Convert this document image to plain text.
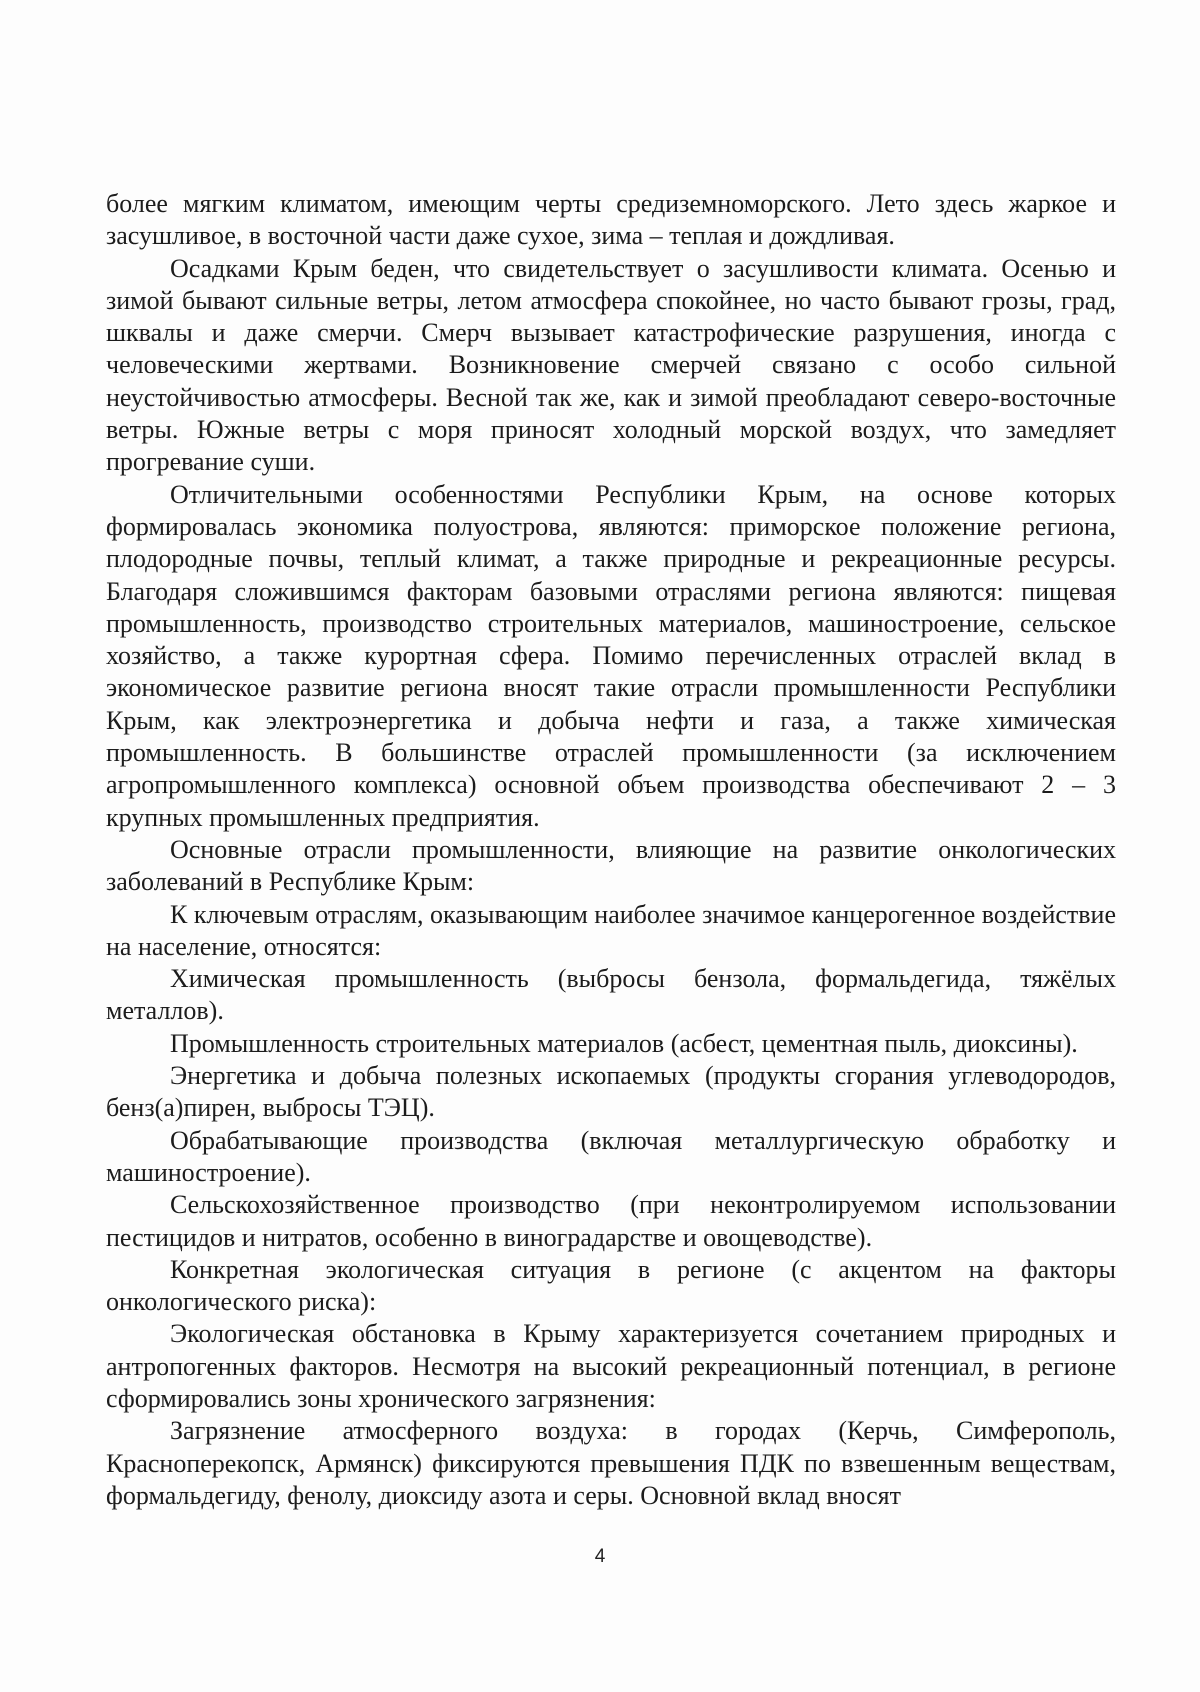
более мягким климатом, имеющим черты средиземноморского. Лето здесь жаркое и засушливое, в восточной части даже сухое, зима – теплая и дождливая.

Осадками Крым беден, что свидетельствует о засушливости климата. Осенью и зимой бывают сильные ветры, летом атмосфера спокойнее, но часто бывают грозы, град, шквалы и даже смерчи. Смерч вызывает катастрофические разрушения, иногда с человеческими жертвами. Возникновение смерчей связано с особо сильной неустойчивостью атмосферы. Весной так же, как и зимой преобладают северо-восточные ветры. Южные ветры с моря приносят холодный морской воздух, что замедляет прогревание суши.

Отличительными особенностями Республики Крым, на основе которых формировалась экономика полуострова, являются: приморское положение региона, плодородные почвы, теплый климат, а также природные и рекреационные ресурсы. Благодаря сложившимся факторам базовыми отраслями региона являются: пищевая промышленность, производство строительных материалов, машиностроение, сельское хозяйство, а также курортная сфера. Помимо перечисленных отраслей вклад в экономическое развитие региона вносят такие отрасли промышленности Республики Крым, как электроэнергетика и добыча нефти и газа, а также химическая промышленность. В большинстве отраслей промышленности (за исключением агропромышленного комплекса) основной объем производства обеспечивают 2 – 3 крупных промышленных предприятия.

Основные отрасли промышленности, влияющие на развитие онкологических заболеваний в Республике Крым:

К ключевым отраслям, оказывающим наиболее значимое канцерогенное воздействие на население, относятся:

Химическая промышленность (выбросы бензола, формальдегида, тяжёлых металлов).

Промышленность строительных материалов (асбест, цементная пыль, диоксины).

Энергетика и добыча полезных ископаемых (продукты сгорания углеводородов, бенз(а)пирен, выбросы ТЭЦ).

Обрабатывающие производства (включая металлургическую обработку и машиностроение).

Сельскохозяйственное производство (при неконтролируемом использовании пестицидов и нитратов, особенно в виноградарстве и овощеводстве).

Конкретная экологическая ситуация в регионе (с акцентом на факторы онкологического риска):

Экологическая обстановка в Крыму характеризуется сочетанием природных и антропогенных факторов. Несмотря на высокий рекреационный потенциал, в регионе сформировались зоны хронического загрязнения:

Загрязнение атмосферного воздуха: в городах (Керчь, Симферополь, Красноперекопск, Армянск) фиксируются превышения ПДК по взвешенным веществам, формальдегиду, фенолу, диоксиду азота и серы. Основной вклад вносят

4
